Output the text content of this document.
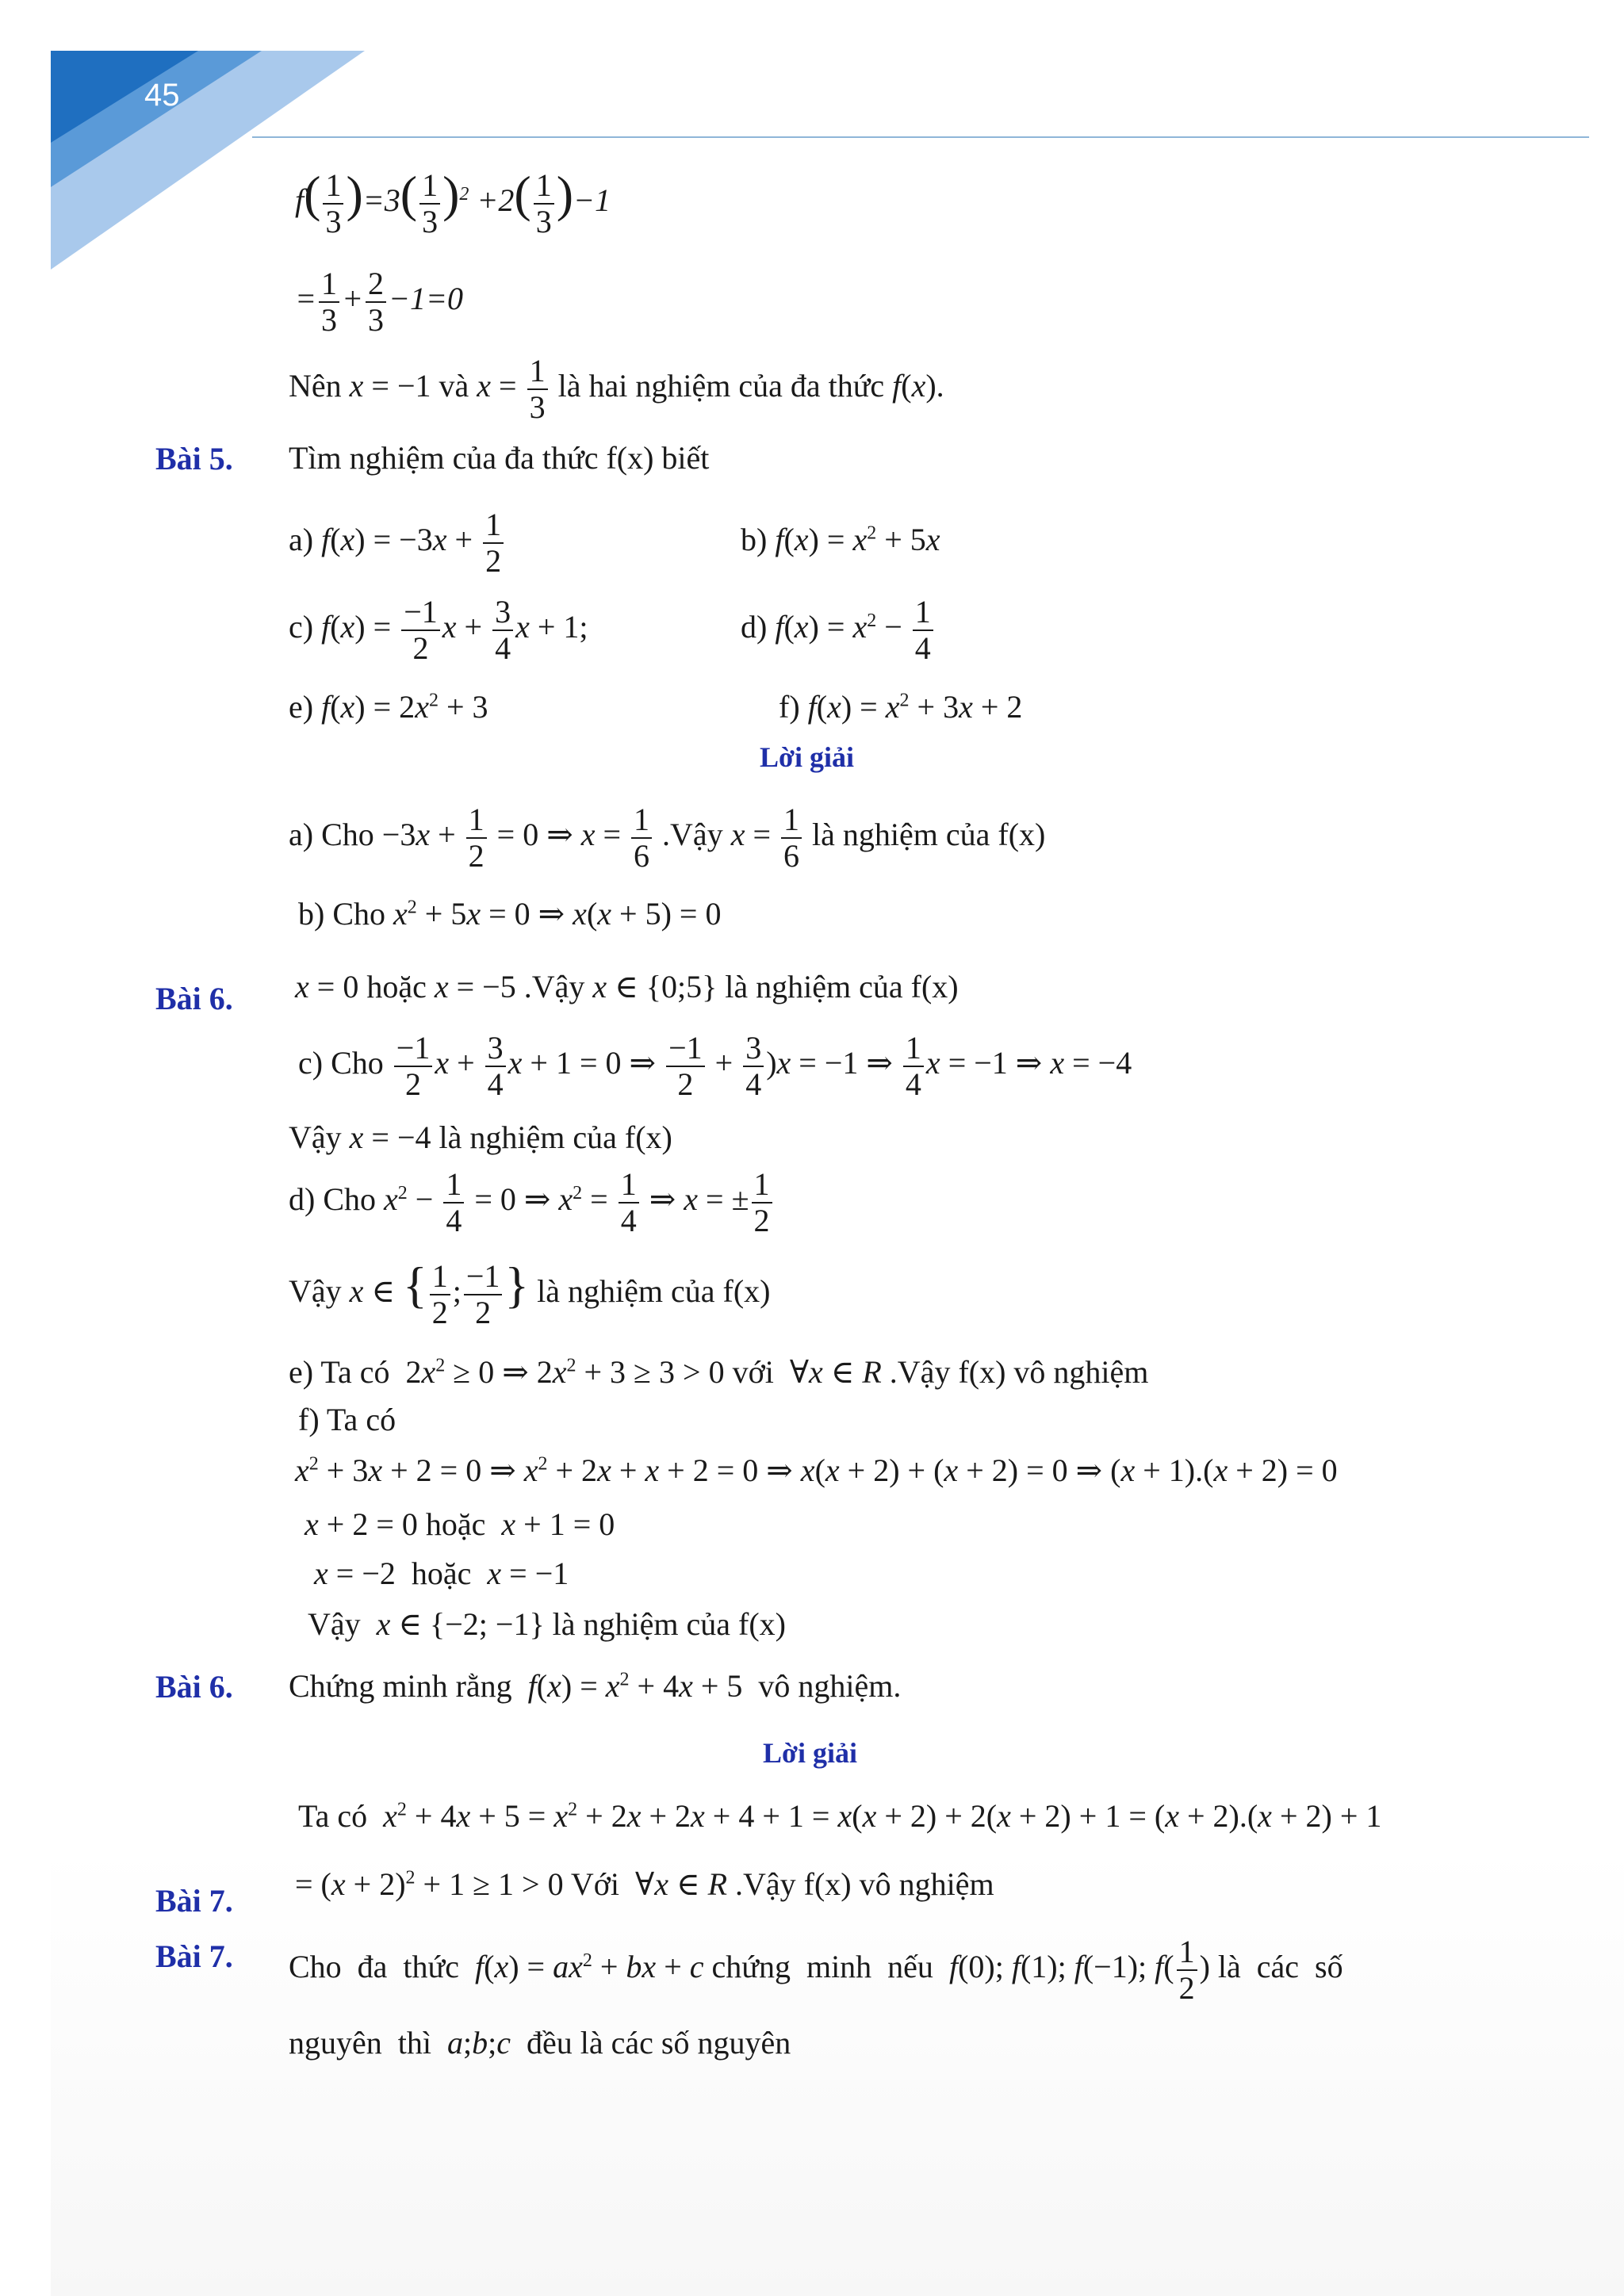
45
$f( \frac{1}{3} )=3( \frac{1}{3} )^2 +2( \frac{1}{3} )-1$
= $\frac{1}{3} + \frac{2}{3} -1=0$
Nên x = −1 và $x = \frac{1}{3}$ là hai nghiệm của đa thức f(x).
Bài 5. Tìm nghiệm của đa thức f(x) biết
a) $f(x) = -3x + \frac{1}{2}$	b) $f(x) = x^2 + 5x$
c) $f(x) = \frac{-1}{2}$ $x + \frac{3}{4}$ x + 1;	d) $f(x) = x^2 - \frac{1}{4}$
e) $f(x) = 2x^2 + 3$	f) $f(x) = x^2 + 3x + 2$
Lời giải
a) Cho $-3x + \frac{1}{2} = 0$ ⇒ $x = \frac{1}{6}$ .Vậy $x = \frac{1}{6}$ là nghiệm của f(x)
b) Cho $x^2 + 5x = 0$ ⇒ x(x + 5) = 0
Bài 6. x = 0 hoặc x = −5 .Vậy x ∈ {0;5} là nghiệm của f(x)
c) Cho $\frac{-1}{2}$ $x + \frac{3}{4}$ x + 1 = 0 ⇒ $\frac{-1}{2} + \frac{3}{4} )x = -1$ ⇒ $\frac{1}{4}$ x = −1 ⇒ x = −4
Vậy x = −4 là nghiệm của f(x)
d) Cho $x^2 - \frac{1}{4} = 0$ ⇒ $x^2 = \frac{1}{4}$ ⇒ x = ± $\frac{1}{2}$
Vậy x ∈ { $\frac{1}{2}$ ; $\frac{-1}{2}$ } là nghiệm của f(x)
e) Ta có  $2x^2 \ge 0$ ⇒ $2x^2 + 3 \ge 3 > 0$ với  ∀x ∈ R .Vậy f(x) vô nghiệm
f) Ta có
$x^2 + 3x + 2 = 0$ ⇒ $x^2 + 2x + x + 2 = 0$ ⇒ x(x + 2) + (x + 2) = 0 ⇒ (x + 1).(x + 2) = 0
x + 2 = 0 hoặc  x + 1 = 0
x = −2  hoặc  x = −1
Vậy  x ∈ {−2; −1} là nghiệm của f(x)
Bài 6. Chứng minh rằng  $f(x) = x^2 + 4x + 5$  vô nghiệm.
Lời giải
Ta có  $x^2 + 4x + 5 = x^2 + 2x + 2x + 4 + 1 = x(x + 2) + 2(x + 2) + 1 = (x + 2).(x + 2) + 1$
Bài 7. = $(x + 2)^2 + 1 \ge 1 > 0$ Với  ∀x ∈ R .Vậy f(x) vô nghiệm
Bài 7. Cho  đa  thức  $f(x) = ax^2$ + bx + c chứng  minh  nếu  f(0); f(1); f(−1); $f( \frac{1}{2}$ ) là  các  số
nguyên  thì  a;b;c  đều là các số nguyên
